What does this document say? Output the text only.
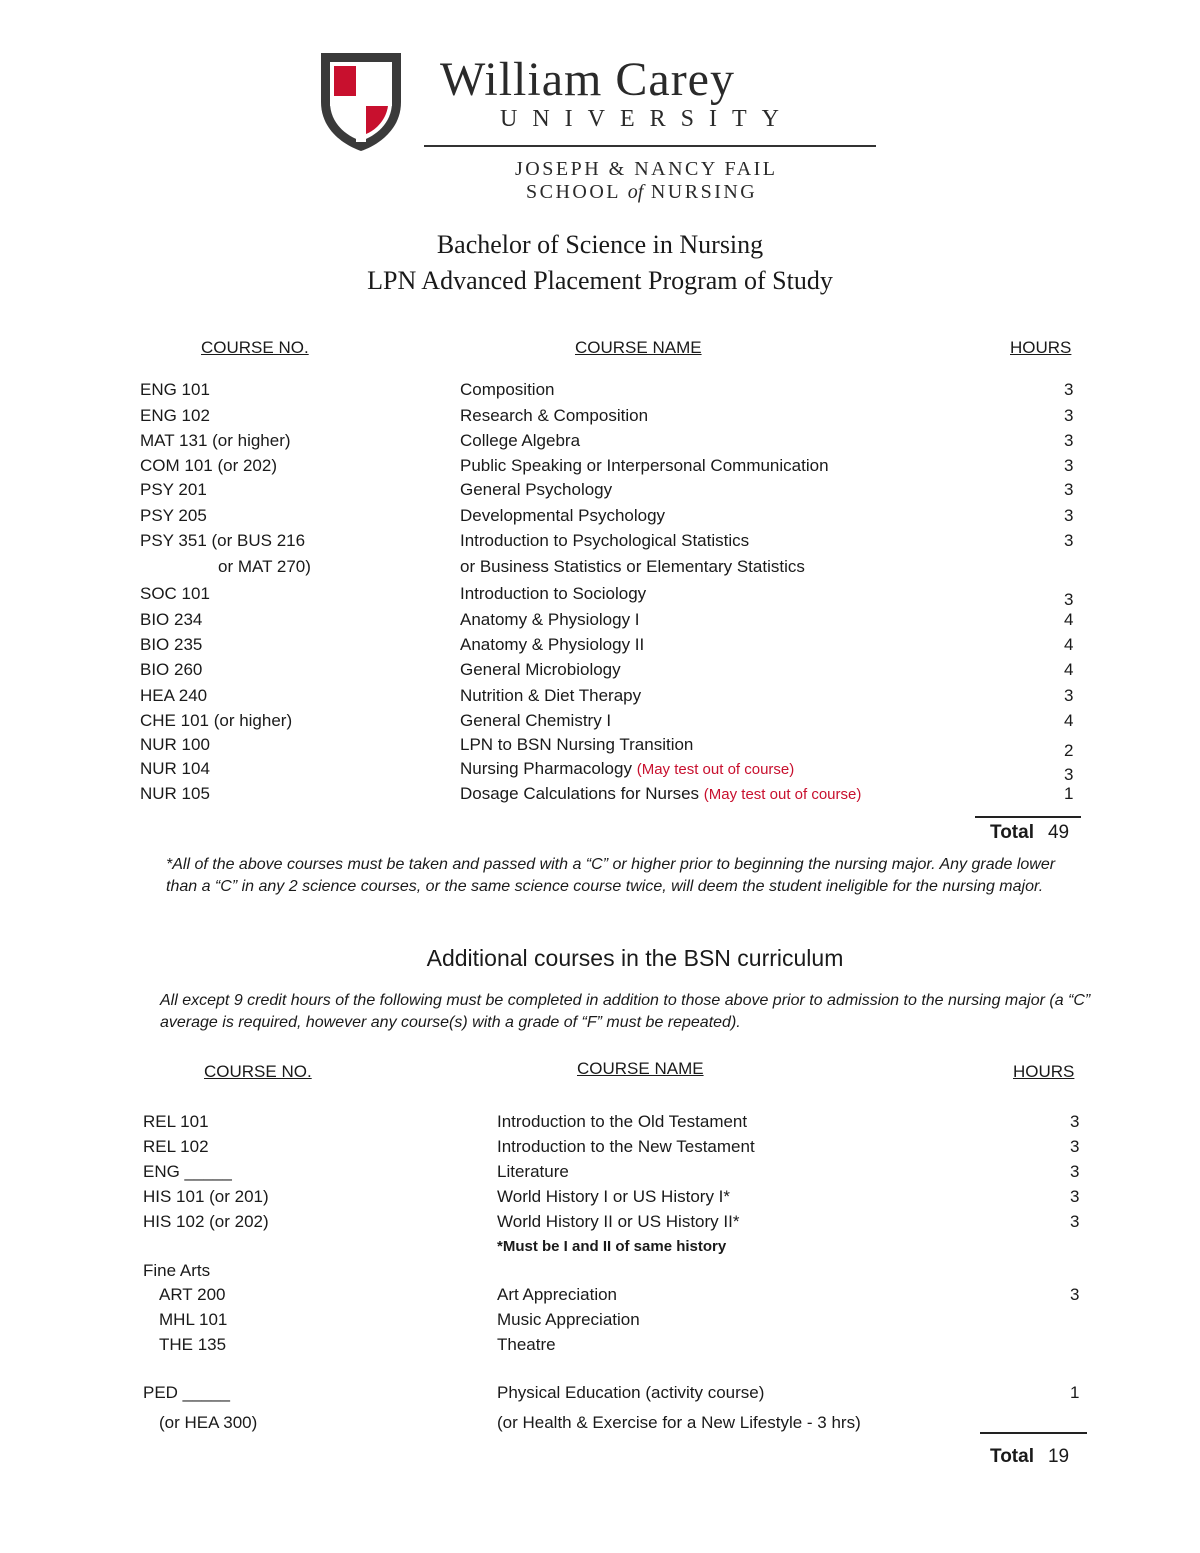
William Carey
UNIVERSITY
JOSEPH & NANCY FAIL
SCHOOL of NURSING
Bachelor of Science in Nursing
LPN Advanced Placement Program of Study
COURSE NO.	COURSE NAME	HOURS
ENG 101	Composition	3
ENG 102	Research & Composition	3
MAT 131 (or higher)	College Algebra	3
COM 101 (or 202)	Public Speaking or Interpersonal Communication	3
PSY 201	General Psychology	3
PSY 205	Developmental Psychology	3
PSY 351 (or BUS 216	Introduction to Psychological Statistics	3
or MAT 270)	or Business Statistics or Elementary Statistics
SOC 101	Introduction to Sociology	3
BIO 234	Anatomy & Physiology I	4
BIO 235	Anatomy & Physiology II	4
BIO 260	General Microbiology	4
HEA 240	Nutrition & Diet Therapy	3
CHE 101 (or higher)	General Chemistry I	4
NUR 100	LPN to BSN Nursing Transition	2
NUR 104	Nursing Pharmacology (May test out of course)	3
NUR 105	Dosage Calculations for Nurses (May test out of course)	1
Total 49
*All of the above courses must be taken and passed with a “C” or higher prior to beginning the nursing major. Any grade lower than a “C” in any 2 science courses, or the same science course twice, will deem the student ineligible for the nursing major.
Additional courses in the BSN curriculum
All except 9 credit hours of the following must be completed in addition to those above prior to admission to the nursing major (a “C” average is required, however any course(s) with a grade of “F” must be repeated).
COURSE NO.	COURSE NAME	HOURS
REL 101	Introduction to the Old Testament	3
REL 102	Introduction to the New Testament	3
ENG _____	Literature	3
HIS 101 (or 201)	World History I or US History I*	3
HIS 102 (or 202)	World History II or US History II*	3
*Must be I and II of same history
Fine Arts
ART 200	Art Appreciation	3
MHL 101	Music Appreciation
THE 135	Theatre
PED _____	Physical Education (activity course)	1
(or HEA 300)	(or Health & Exercise for a New Lifestyle - 3 hrs)
Total 19
